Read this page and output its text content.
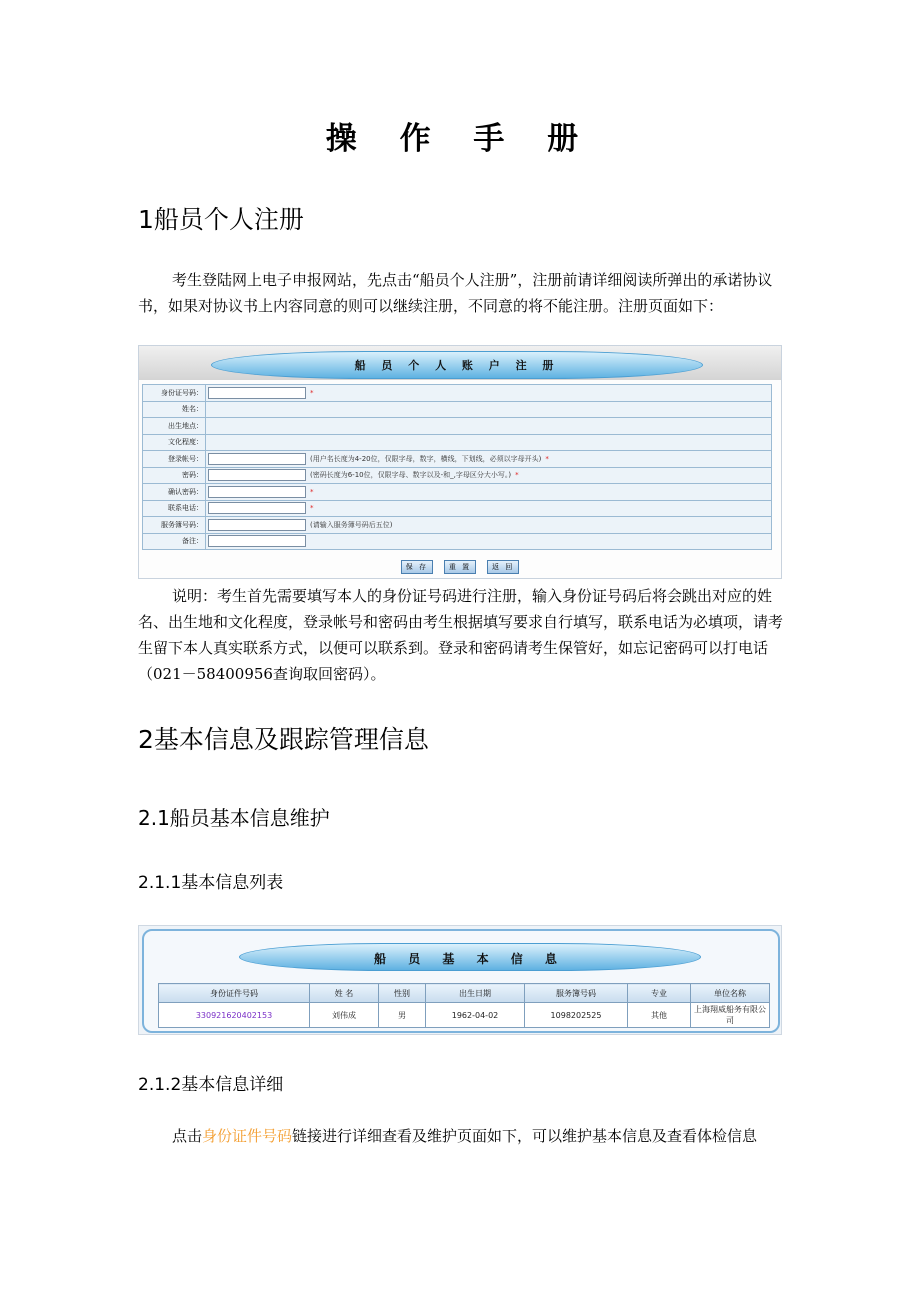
操 作 手 册
1船员个人注册
考生登陆网上电子申报网站，先点击“船员个人注册”，注册前请详细阅读所弹出的承诺协议书，如果对协议书上内容同意的则可以继续注册，不同意的将不能注册。注册页面如下：
船 员 个 人 账 户 注 册
身份证号码：	*
姓名：	
出生地点：	
文化程度：	
登录帐号：	(用户名长度为4-20位，仅限字母，数字，横线，下划线，必须以字母开头) *
密码：	(密码长度为6-10位，仅限字母、数字以及-和_,字母区分大小写。) *
确认密码：	*
联系电话：	*
服务簿号码：	(请输入服务簿号码后五位)
备注：	
保 存	重 置	返 回
说明：考生首先需要填写本人的身份证号码进行注册，输入身份证号码后将会跳出对应的姓名、出生地和文化程度，登录帐号和密码由考生根据填写要求自行填写，联系电话为必填项，请考生留下本人真实联系方式，以便可以联系到。登录和密码请考生保管好，如忘记密码可以打电话（021－58400956查询取回密码）。
2基本信息及跟踪管理信息
2.1船员基本信息维护
2.1.1基本信息列表
船 员 基 本 信 息
身份证件号码	姓 名	性别	出生日期	服务簿号码	专业	单位名称
330921620402153	刘伟成	男	1962-04-02	1098202525	其他	上海翔威船务有限公司
2.1.2基本信息详细
点击身份证件号码链接进行详细查看及维护页面如下，可以维护基本信息及查看体检信息
